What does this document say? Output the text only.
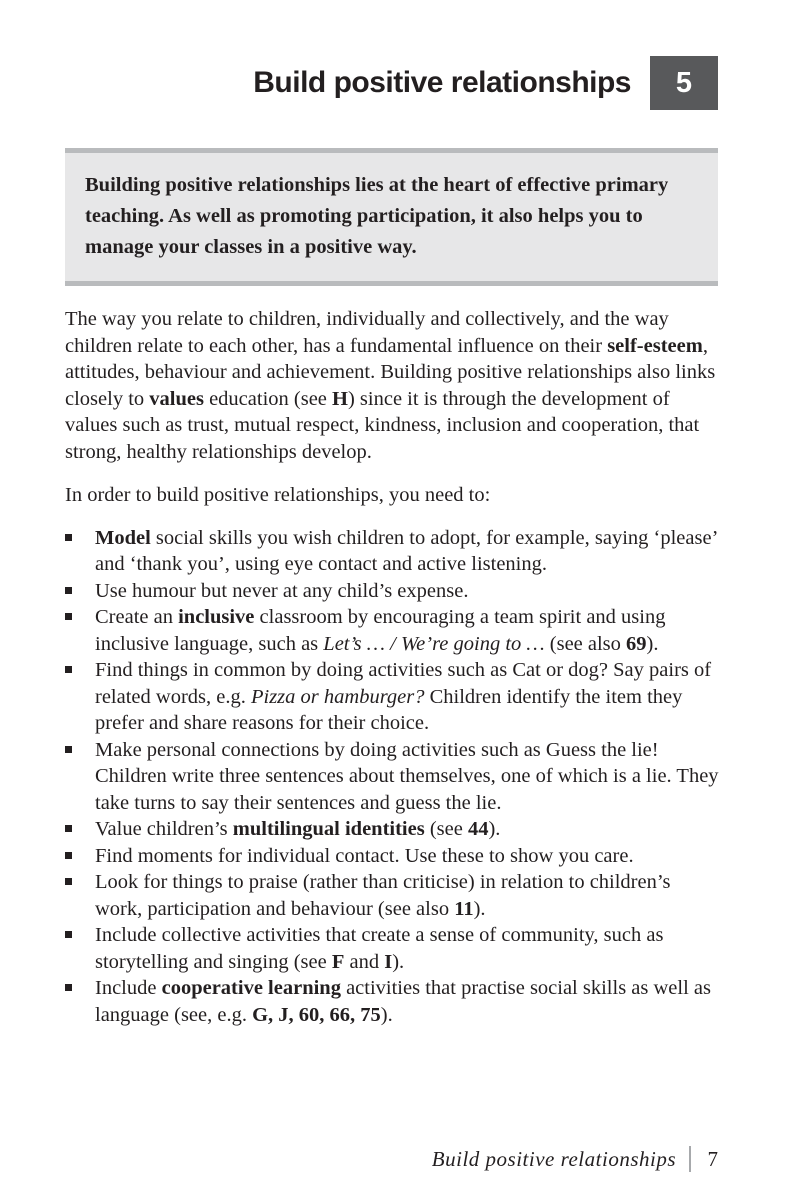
Build positive relationships	5
Building positive relationships lies at the heart of effective primary teaching. As well as promoting participation, it also helps you to manage your classes in a positive way.

The way you relate to children, individually and collectively, and the way children relate to each other, has a fundamental influence on their self-esteem, attitudes, behaviour and achievement. Building positive relationships also links closely to values education (see H) since it is through the development of values such as trust, mutual respect, kindness, inclusion and cooperation, that strong, healthy relationships develop.

In order to build positive relationships, you need to:

Model social skills you wish children to adopt, for example, saying ‘please’ and ‘thank you’, using eye contact and active listening.
Use humour but never at any child’s expense.
Create an inclusive classroom by encouraging a team spirit and using inclusive language, such as Let’s … / We’re going to … (see also 69).
Find things in common by doing activities such as Cat or dog? Say pairs of related words, e.g. Pizza or hamburger? Children identify the item they prefer and share reasons for their choice.
Make personal connections by doing activities such as Guess the lie! Children write three sentences about themselves, one of which is a lie. They take turns to say their sentences and guess the lie.
Value children’s multilingual identities (see 44).
Find moments for individual contact. Use these to show you care.
Look for things to praise (rather than criticise) in relation to children’s work, participation and behaviour (see also 11).
Include collective activities that create a sense of community, such as storytelling and singing (see F and I).
Include cooperative learning activities that practise social skills as well as language (see, e.g. G, J, 60, 66, 75).
Build positive relationships 7
